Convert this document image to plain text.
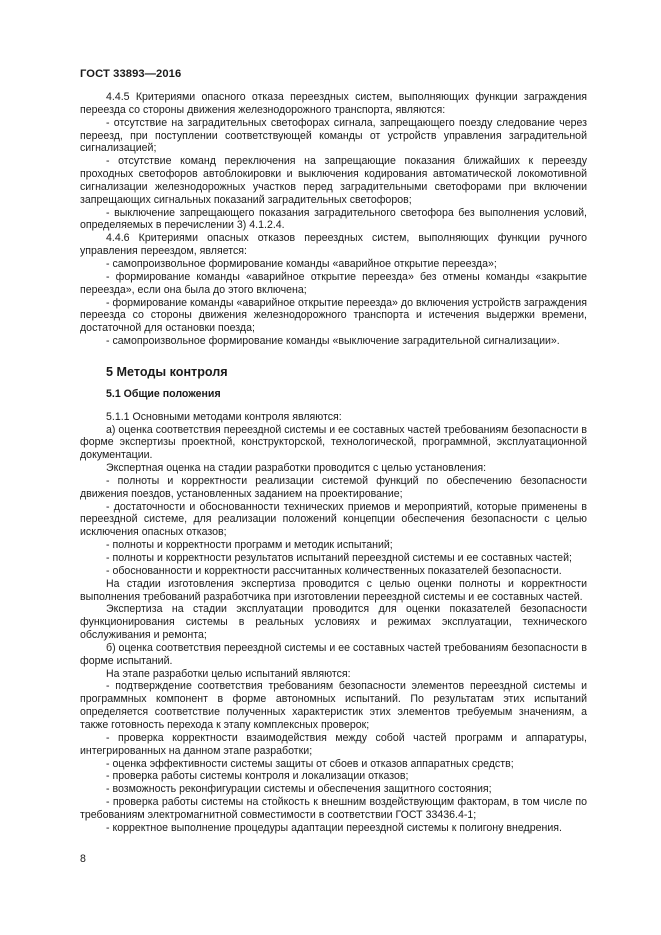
ГОСТ 33893—2016

4.4.5 Критериями опасного отказа переездных систем, выполняющих функции заграждения переезда со стороны движения железнодорожного транспорта, являются:

- отсутствие на заградительных светофорах сигнала, запрещающего поезду следование через переезд, при поступлении соответствующей команды от устройств управления заградительной сигнализацией;

- отсутствие команд переключения на запрещающие показания ближайших к переезду проходных светофоров автоблокировки и выключения кодирования автоматической локомотивной сигнализации железнодорожных участков перед заградительными светофорами при включении запрещающих сигнальных показаний заградительных светофоров;

- выключение запрещающего показания заградительного светофора без выполнения условий, определяемых в перечислении 3) 4.1.2.4.

4.4.6 Критериями опасных отказов переездных систем, выполняющих функции ручного управления переездом, является:

- самопроизвольное формирование команды «аварийное открытие переезда»;

- формирование команды «аварийное открытие переезда» без отмены команды «закрытие переезда», если она была до этого включена;

- формирование команды «аварийное открытие переезда» до включения устройств заграждения переезда со стороны движения железнодорожного транспорта и истечения выдержки времени, достаточной для остановки поезда;

- самопроизвольное формирование команды «выключение заградительной сигнализации».

5 Методы контроля

5.1 Общие положения

5.1.1 Основными методами контроля являются:

а) оценка соответствия переездной системы и ее составных частей требованиям безопасности в форме экспертизы проектной, конструкторской, технологической, программной, эксплуатационной документации.

Экспертная оценка на стадии разработки проводится с целью установления:

- полноты и корректности реализации системой функций по обеспечению безопасности движения поездов, установленных заданием на проектирование;

- достаточности и обоснованности технических приемов и мероприятий, которые применены в переездной системе, для реализации положений концепции обеспечения безопасности с целью исключения опасных отказов;

- полноты и корректности программ и методик испытаний;

- полноты и корректности результатов испытаний переездной системы и ее составных частей;

- обоснованности и корректности рассчитанных количественных показателей безопасности.

На стадии изготовления экспертиза проводится с целью оценки полноты и корректности выполнения требований разработчика при изготовлении переездной системы и ее составных частей.

Экспертиза на стадии эксплуатации проводится для оценки показателей безопасности функционирования системы в реальных условиях и режимах эксплуатации, технического обслуживания и ремонта;

б) оценка соответствия переездной системы и ее составных частей требованиям безопасности в форме испытаний.

На этапе разработки целью испытаний являются:

- подтверждение соответствия требованиям безопасности элементов переездной системы и программных компонент в форме автономных испытаний. По результатам этих испытаний определяется соответствие полученных характеристик этих элементов требуемым значениям, а также готовность перехода к этапу комплексных проверок;

- проверка корректности взаимодействия между собой частей программ и аппаратуры, интегрированных на данном этапе разработки;

- оценка эффективности системы защиты от сбоев и отказов аппаратных средств;

- проверка работы системы контроля и локализации отказов;

- возможность реконфигурации системы и обеспечения защитного состояния;

- проверка работы системы на стойкость к внешним воздействующим факторам, в том числе по требованиям электромагнитной совместимости в соответствии ГОСТ 33436.4-1;

- корректное выполнение процедуры адаптации переездной системы к полигону внедрения.

8
